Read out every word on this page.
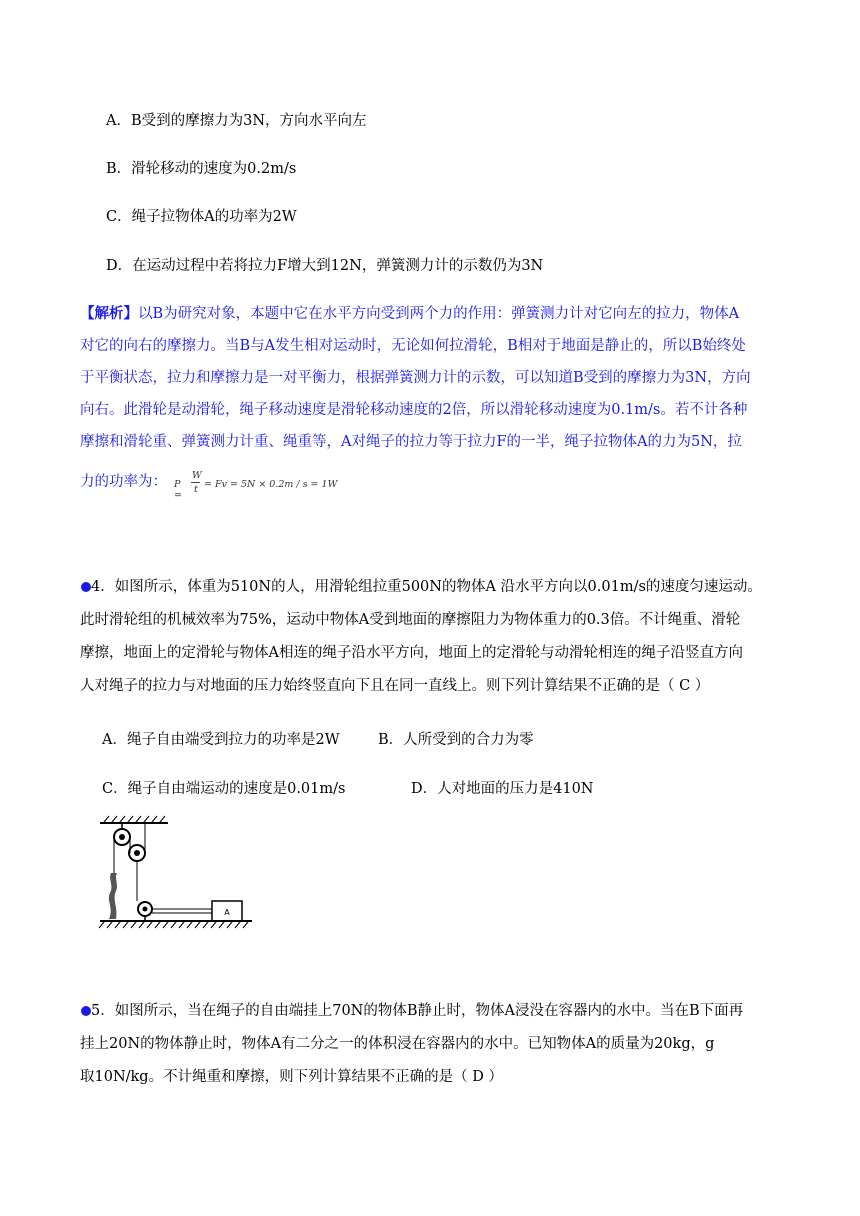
A．B受到的摩擦力为3N，方向水平向左
B．滑轮移动的速度为0.2m/s
C．绳子拉物体A的功率为2W
D．在运动过程中若将拉力F增大到12N，弹簧测力计的示数仍为3N
【解析】以B为研究对象，本题中它在水平方向受到两个力的作用：弹簧测力计对它向左的拉力，物体A
对它的向右的摩擦力。当B与A发生相对运动时，无论如何拉滑轮，B相对于地面是静止的，所以B始终处
于平衡状态，拉力和摩擦力是一对平衡力，根据弹簧测力计的示数，可以知道B受到的摩擦力为3N，方向
向右。此滑轮是动滑轮，绳子移动速度是滑轮移动速度的2倍，所以滑轮移动速度为0.1m/s。若不计各种
摩擦和滑轮重、弹簧测力计重、绳重等，A对绳子的拉力等于拉力F的一半，绳子拉物体A的力为5N，拉
力的功率为： P =
W
t = Fv = 5N × 0.2m / s = 1W
4．如图所示，体重为510N的人，用滑轮组拉重500N的物体A 沿水平方向以0.01m/s的速度匀速运动。
此时滑轮组的机械效率为75%，运动中物体A受到地面的摩擦阻力为物体重力的0.3倍。不计绳重、滑轮
摩擦，地面上的定滑轮与物体A相连的绳子沿水平方向，地面上的定滑轮与动滑轮相连的绳子沿竖直方向
人对绳子的拉力与对地面的压力始终竖直向下且在同一直线上。则下列计算结果不正确的是（ C ）
A．绳子自由端受到拉力的功率是2W	B．人所受到的合力为零
C．绳子自由端运动的速度是0.01m/s	D．人对地面的压力是410N
A
5．如图所示，当在绳子的自由端挂上70N的物体B静止时，物体A浸没在容器内的水中。当在B下面再
挂上20N的物体静止时，物体A有二分之一的体积浸在容器内的水中。已知物体A的质量为20kg，g
取10N/kg。不计绳重和摩擦，则下列计算结果不正确的是（ D ）
